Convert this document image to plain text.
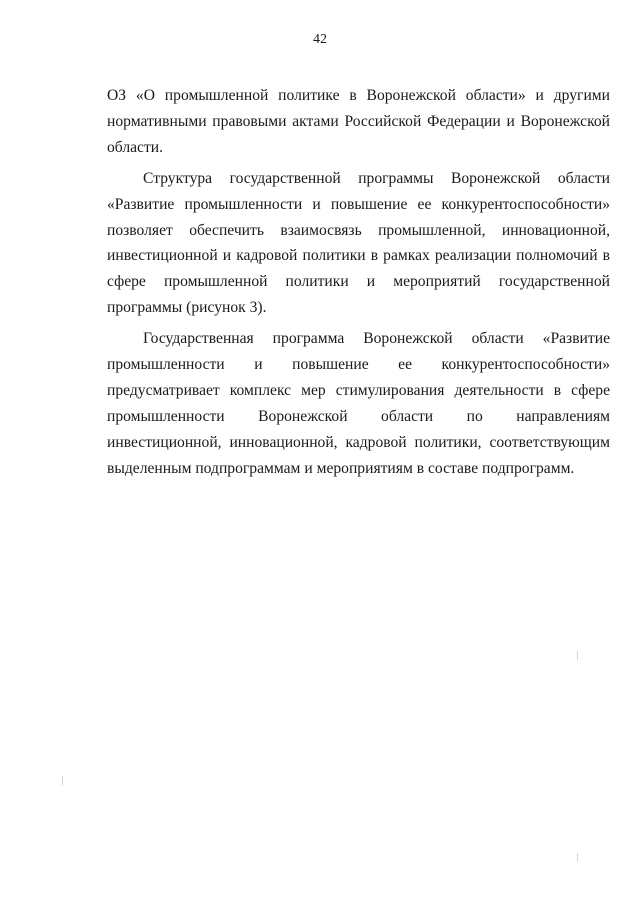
42

ОЗ «О промышленной политике в Воронежской области» и другими нормативными правовыми актами Российской Федерации и Воронежской области.

Структура государственной программы Воронежской области «Развитие промышленности и повышение ее конкурентоспособности» позволяет обеспечить взаимосвязь промышленной, инновационной, инвестиционной и кадровой политики в рамках реализации полномочий в сфере промышленной политики и мероприятий государственной программы (рисунок 3).

Государственная программа Воронежской области «Развитие промышленности и повышение ее конкурентоспособности» предусматривает комплекс мер стимулирования деятельности в сфере промышленности Воронежской области по направлениям инвестиционной, инновационной, кадровой политики, соответствующим выделенным подпрограммам и мероприятиям в составе подпрограмм.
